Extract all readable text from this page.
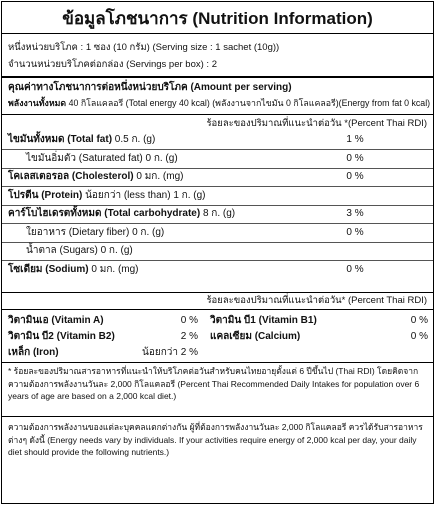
ข้อมูลโภชนาการ (Nutrition Information)
หนึ่งหน่วยบริโภค : 1 ซอง (10 กรัม) (Serving size : 1 sachet (10g))
จำนวนหน่วยบริโภคต่อกล่อง (Servings per box) : 2
คุณค่าทางโภชนาการต่อหนึ่งหน่วยบริโภค (Amount per serving)
พลังงานทั้งหมด 40 กิโลแคลอรี (Total energy 40 kcal) (พลังงานจากไขมัน 0 กิโลแคลอรี)(Energy from fat 0 kcal)
ร้อยละของปริมาณที่แนะนำต่อวัน *(Percent Thai RDI)
ไขมันทั้งหมด (Total fat) 0.5 ก. (g)	1 %
ไขมันอิ่มตัว (Saturated fat) 0 ก. (g)	0 %
โคเลสเตอรอล (Cholesterol) 0 มก. (mg)	0 %
โปรตีน (Protein) น้อยกว่า (less than) 1 ก. (g)
คาร์โบไฮเดรตทั้งหมด (Total carbohydrate) 8 ก. (g)	3 %
ใยอาหาร (Dietary fiber) 0 ก. (g)	0 %
น้ำตาล (Sugars) 0 ก. (g)
โซเดียม (Sodium) 0 มก. (mg)	0 %
ร้อยละของปริมาณที่แนะนำต่อวัน* (Percent Thai RDI)
วิตามินเอ (Vitamin A)	0 %
วิตามิน บี2 (Vitamin B2)	2 %
เหล็ก (Iron)	น้อยกว่า 2 %
วิตามิน บี1 (Vitamin B1)	0 %
แคลเซียม (Calcium)	0 %
* ร้อยละของปริมาณสารอาหารที่แนะนำให้บริโภคต่อวันสำหรับคนไทยอายุตั้งแต่ 6 ปีขึ้นไป (Thai RDI) โดยคิดจากความต้องการพลังงานวันละ 2,000 กิโลแคลอรี (Percent Thai Recommended Daily Intakes for population over 6 years of age are based on a 2,000 kcal diet.)
ความต้องการพลังงานของแต่ละบุคคลแตกต่างกัน ผู้ที่ต้องการพลังงานวันละ 2,000 กิโลแคลอรี ควรได้รับสารอาหารต่างๆ ดังนี้ (Energy needs vary by individuals. If your activities require energy of 2,000 kcal per day, your daily diet should provide the following nutrients.)
